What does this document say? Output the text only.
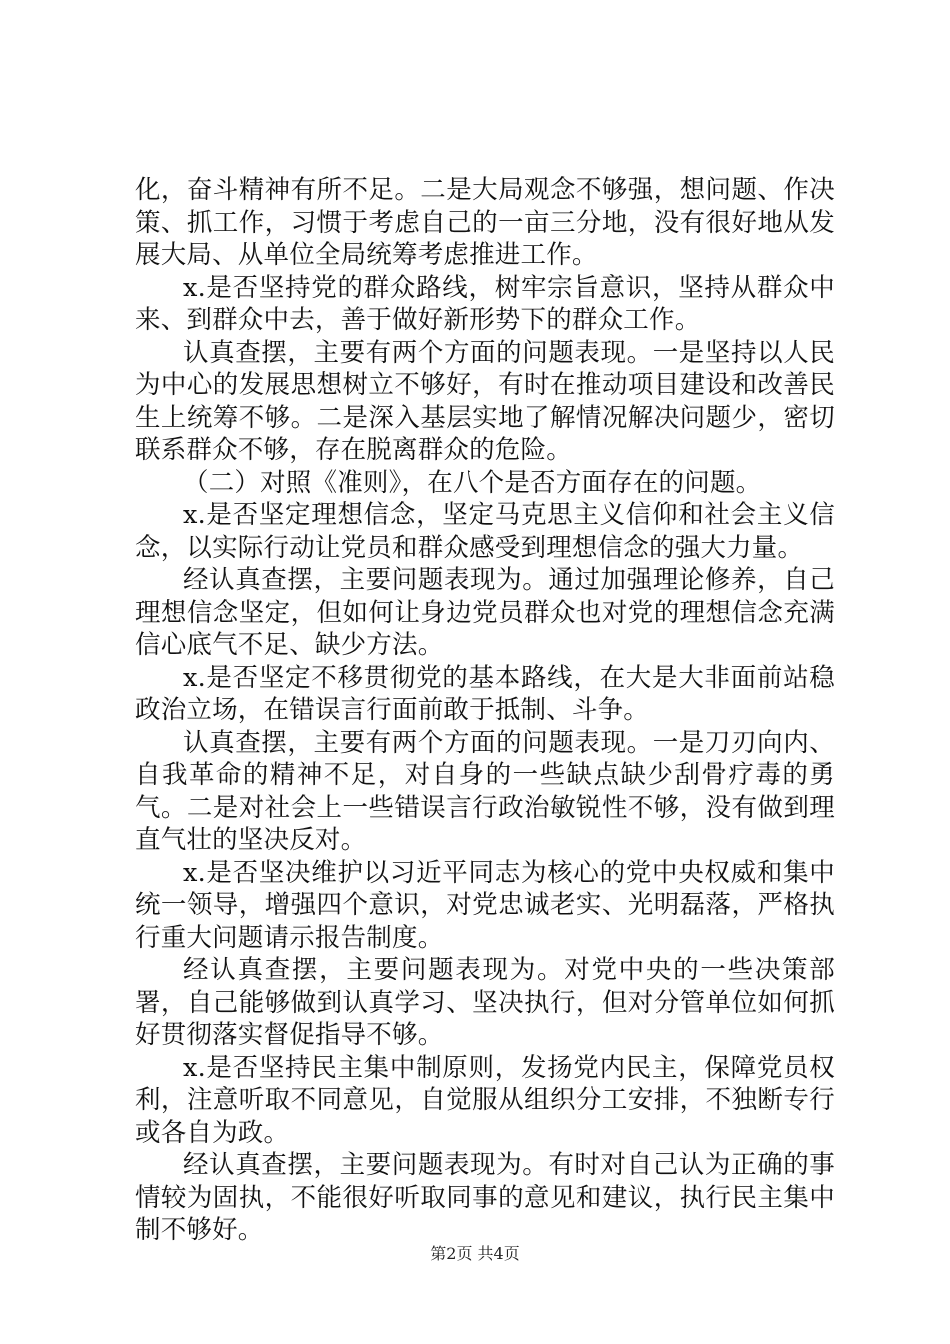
化，奋斗精神有所不足。二是大局观念不够强，想问题、作决策、抓工作，习惯于考虑自己的一亩三分地，没有很好地从发展大局、从单位全局统筹考虑推进工作。

x.是否坚持党的群众路线，树牢宗旨意识，坚持从群众中来、到群众中去，善于做好新形势下的群众工作。

认真查摆，主要有两个方面的问题表现。一是坚持以人民为中心的发展思想树立不够好，有时在推动项目建设和改善民生上统筹不够。二是深入基层实地了解情况解决问题少，密切联系群众不够，存在脱离群众的危险。

（二）对照《准则》，在八个是否方面存在的问题。

x.是否坚定理想信念，坚定马克思主义信仰和社会主义信念，以实际行动让党员和群众感受到理想信念的强大力量。

经认真查摆，主要问题表现为。通过加强理论修养，自己理想信念坚定，但如何让身边党员群众也对党的理想信念充满信心底气不足、缺少方法。

x.是否坚定不移贯彻党的基本路线，在大是大非面前站稳政治立场，在错误言行面前敢于抵制、斗争。

认真查摆，主要有两个方面的问题表现。一是刀刃向内、自我革命的精神不足，对自身的一些缺点缺少刮骨疗毒的勇气。二是对社会上一些错误言行政治敏锐性不够，没有做到理直气壮的坚决反对。

x.是否坚决维护以习近平同志为核心的党中央权威和集中统一领导，增强四个意识，对党忠诚老实、光明磊落，严格执行重大问题请示报告制度。

经认真查摆，主要问题表现为。对党中央的一些决策部署，自己能够做到认真学习、坚决执行，但对分管单位如何抓好贯彻落实督促指导不够。

x.是否坚持民主集中制原则，发扬党内民主，保障党员权利，注意听取不同意见，自觉服从组织分工安排，不独断专行或各自为政。

经认真查摆，主要问题表现为。有时对自己认为正确的事情较为固执，不能很好听取同事的意见和建议，执行民主集中制不够好。

第2页 共4页
